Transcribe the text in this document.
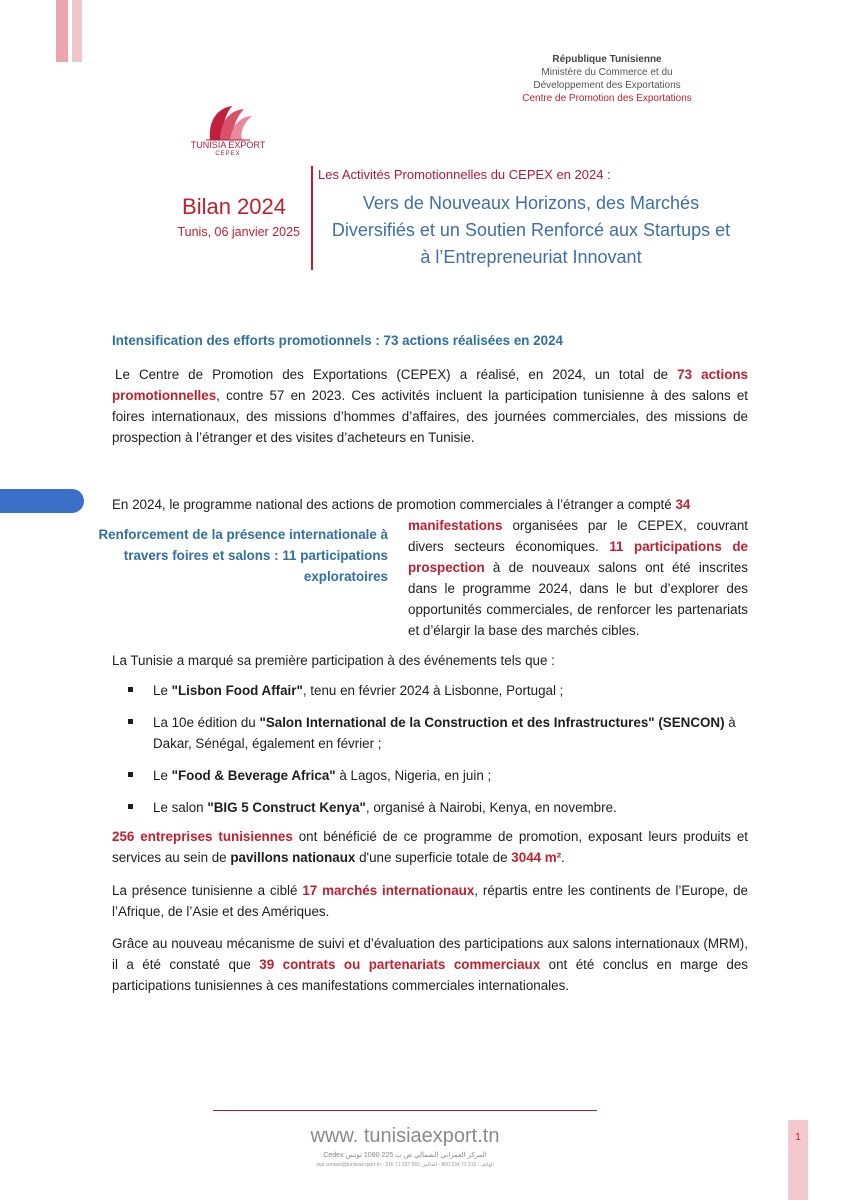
1
République Tunisienne
Ministère du Commerce et du
Développement des Exportations
Centre de Promotion des Exportations
TUNISIA EXPORT
CEPEX
Bilan 2024
Tunis, 06 janvier 2025
Les Activités Promotionnelles du CEPEX en 2024 :
Vers de Nouveaux Horizons, des Marchés Diversifiés et un Soutien Renforcé aux Startups et à l’Entrepreneuriat Innovant
Intensification des efforts promotionnels : 73 actions réalisées en 2024
Le Centre de Promotion des Exportations (CEPEX) a réalisé, en 2024, un total de 73 actions promotionnelles, contre 57 en 2023. Ces activités incluent la participation tunisienne à des salons et foires internationaux, des missions d’hommes d’affaires, des journées commerciales, des missions de prospection à l’étranger et des visites d’acheteurs en Tunisie.
En 2024, le programme national des actions de promotion commerciales à l’étranger a compté 34
Renforcement de la présence internationale à travers foires et salons : 11 participations exploratoires
manifestations organisées par le CEPEX, couvrant divers secteurs économiques. 11 participations de prospection à de nouveaux salons ont été inscrites dans le programme 2024, dans le but d’explorer des opportunités commerciales, de renforcer les partenariats et d’élargir la base des marchés cibles.
La Tunisie a marqué sa première participation à des événements tels que :
Le "Lisbon Food Affair", tenu en février 2024 à Lisbonne, Portugal ;
La 10e édition du "Salon International de la Construction et des Infrastructures" (SENCON) à Dakar, Sénégal, également en février ;
Le "Food & Beverage Africa" à Lagos, Nigeria, en juin ;
Le salon "BIG 5 Construct Kenya", organisé à Nairobi, Kenya, en novembre.
256 entreprises tunisiennes ont bénéficié de ce programme de promotion, exposant leurs produits et services au sein de pavillons nationaux d'une superficie totale de 3044 m².
La présence tunisienne a ciblé 17 marchés internationaux, répartis entre les continents de l’Europe, de l’Afrique, de l’Asie et des Amériques.
Grâce au nouveau mécanisme de suivi et d’évaluation des participations aux salons internationaux (MRM), il a été constaté que 39 contrats ou partenariats commerciaux ont été conclus en marge des participations tunisiennes à ces manifestations commerciales internationales.
www. tunisiaexport.tn
Cedex المركز العمراني الشمالي ص ب 225 1080 تونس
mpi.contact@tunisiaexport.tn - 216 71 237 565 الهاتف : 216 71 234 800 - الفاكس
